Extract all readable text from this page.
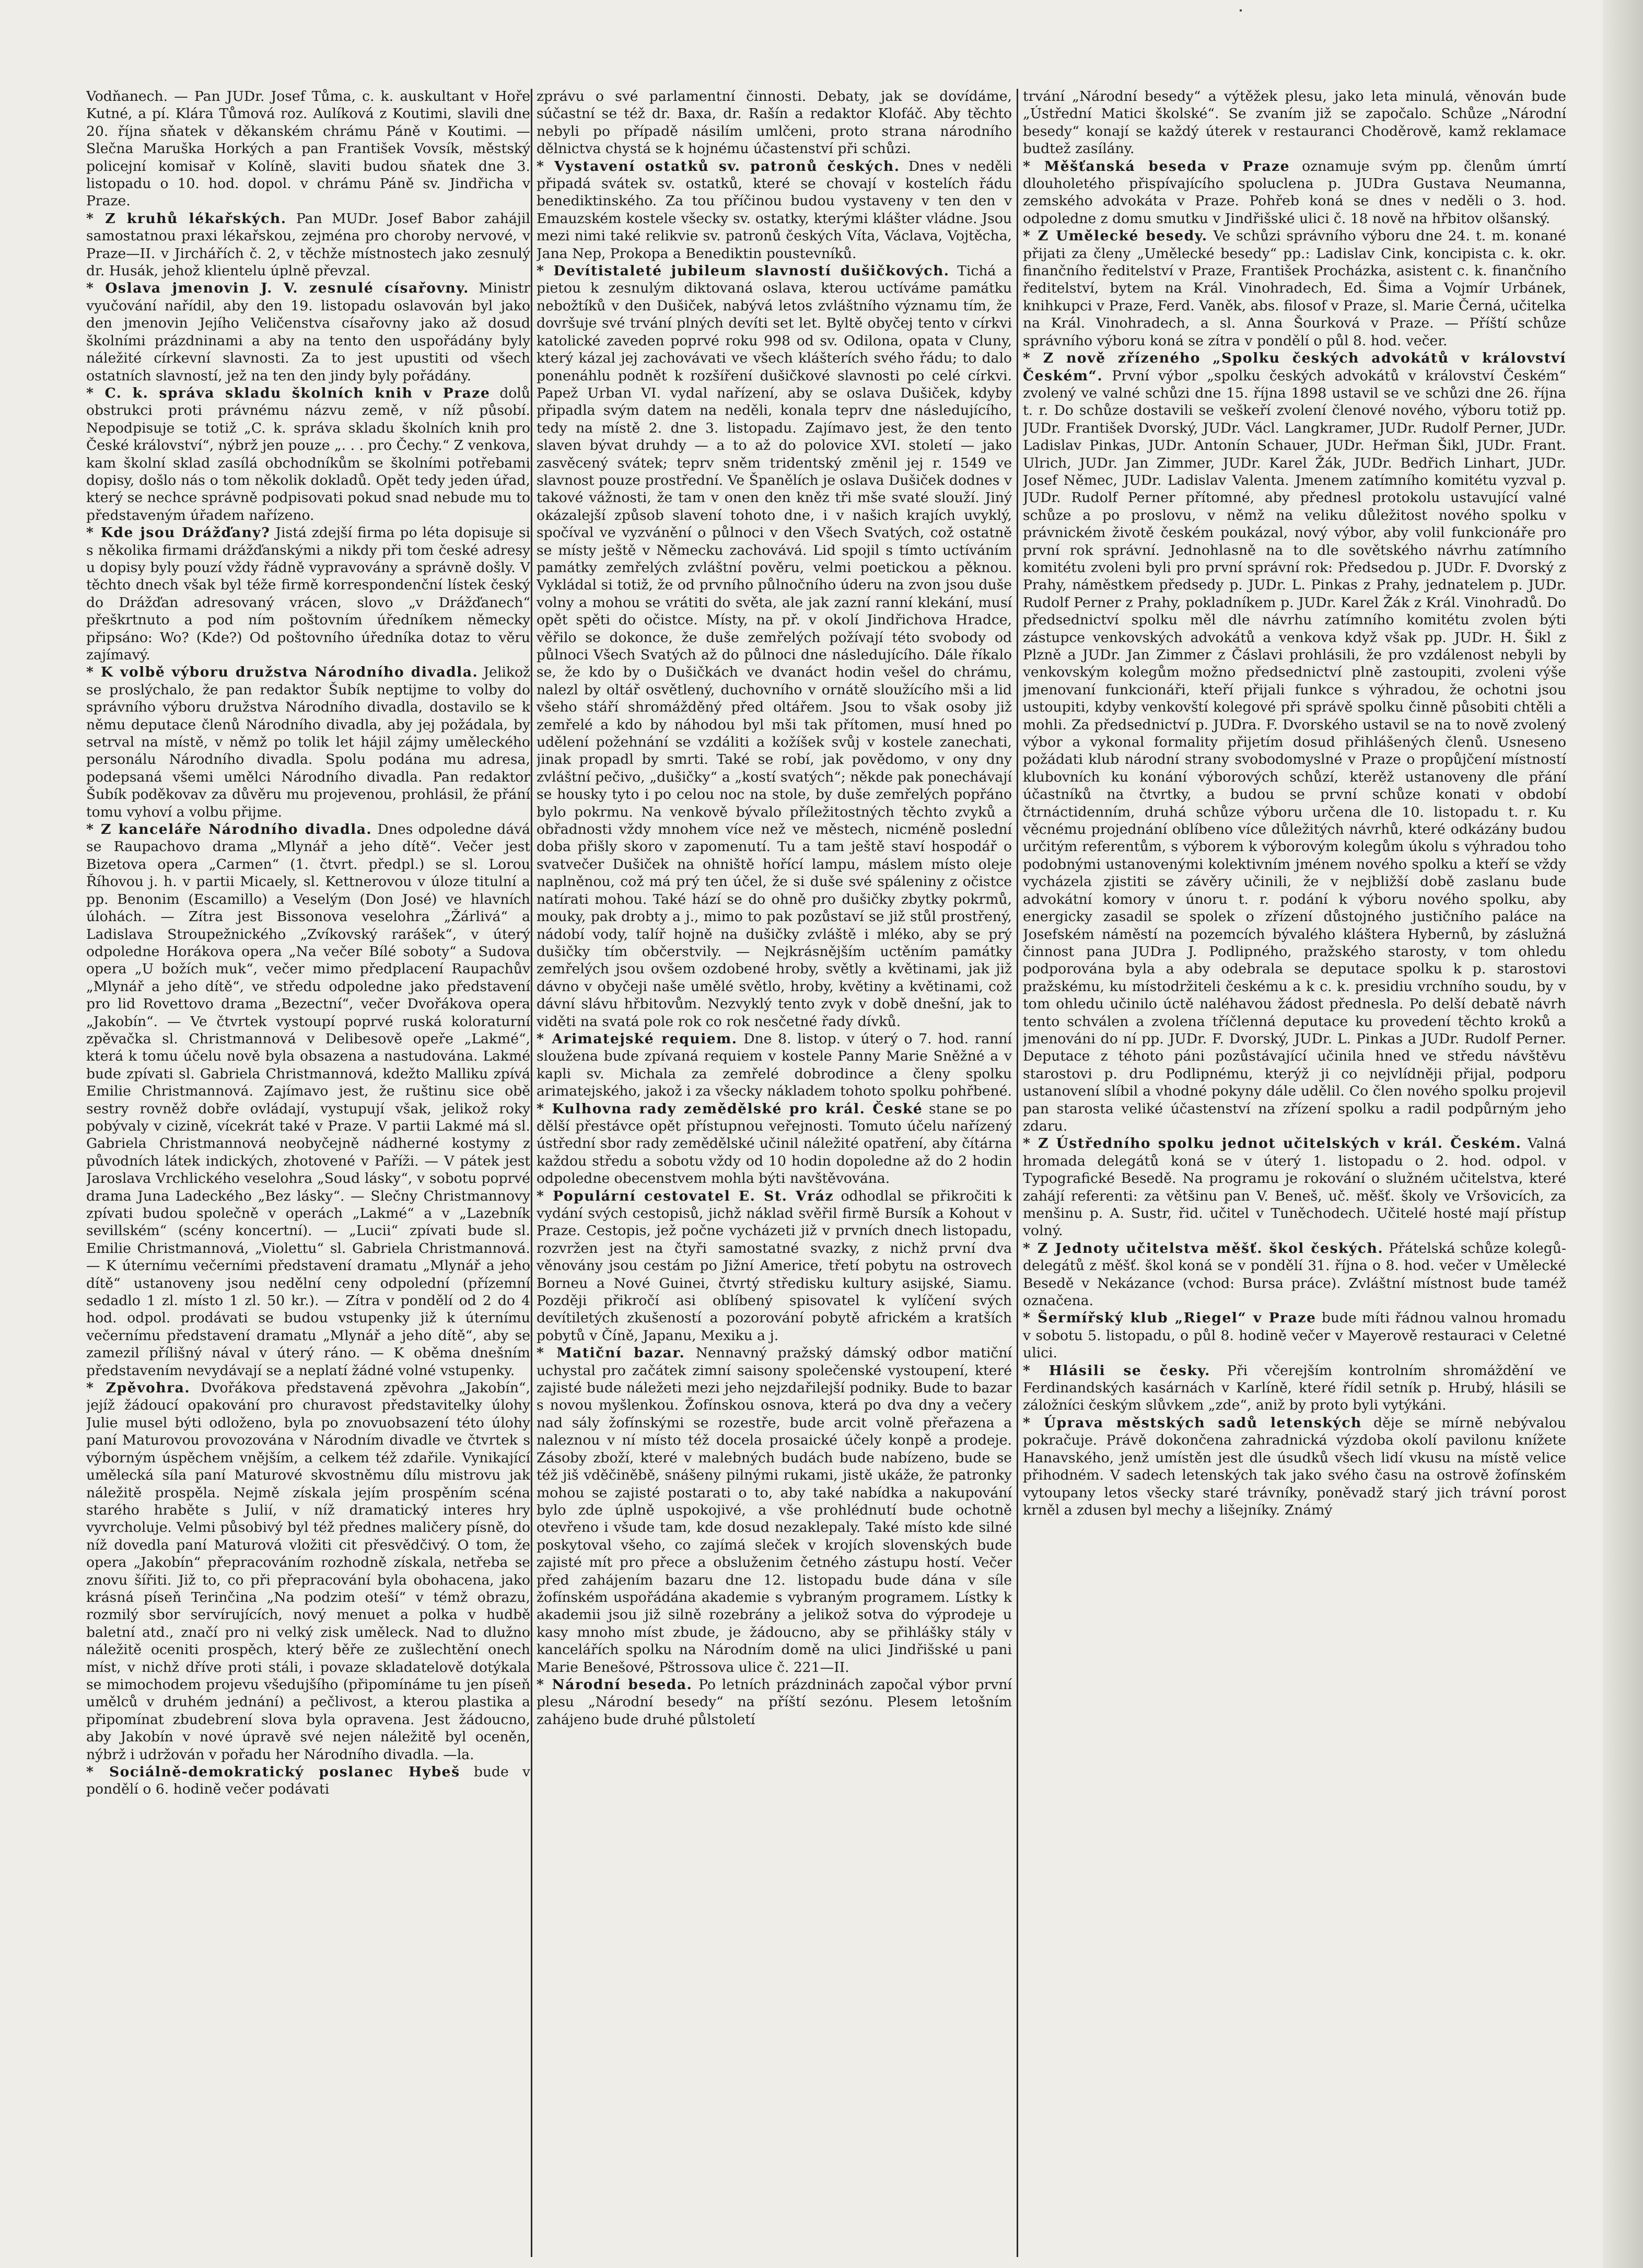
Vodňanech. — Pan JUDr. Josef Tůma, c. k. auskultant v Hoře Kutné, a pí. Klára Tůmová roz. Aulíková z Koutimi, slavili dne 20. října sňatek v děkanském chrámu Páně v Koutimi. — Slečna Maruška Horkých a pan František Vovsík, městský policejní komisař v Kolíně, slaviti budou sňatek dne 3. listopadu o 10. hod. dopol. v chrámu Páně sv. Jindřicha v Praze.

* Z kruhů lékařských. Pan MUDr. Josef Babor zahájil samostatnou praxi lékařskou, zejména pro choroby nervové, v Praze—II. v Jirchářích č. 2, v těchže místnostech jako zesnulý dr. Husák, jehož klientelu úplně převzal.

* Oslava jmenovin J. V. zesnulé císařovny. Ministr vyučování nařídil, aby den 19. listopadu oslavován byl jako den jmenovin Jejího Veličenstva císařovny jako až dosud školními prázdninami a aby na tento den uspořádány byly náležité církevní slavnosti. Za to jest upustiti od všech ostatních slavností, jež na ten den jindy byly pořádány.

* C. k. správa skladu školních knih v Praze dolů obstrukci proti právnému názvu země, v níž působí. Nepodpisuje se totiž „C. k. správa skladu školních knih pro České království“, nýbrž jen pouze „. . . pro Čechy.“ Z venkova, kam školní sklad zasílá obchodníkům se školními potřebami dopisy, došlo nás o tom několik dokladů. Opět tedy jeden úřad, který se nechce správně podpisovati pokud snad nebude mu to představeným úřadem nařízeno.

* Kde jsou Drážďany? Jistá zdejší firma po léta dopisuje si s několika firmami drážďanskými a nikdy při tom české adresy u dopisy byly pouzí vždy řádně vypravovány a správně došly. V těchto dnech však byl téže firmě korrespondenční lístek český do Drážďan adresovaný vrácen, slovo „v Drážďanech“ přeškrtnuto a pod ním poštovním úředníkem německy připsáno: Wo? (Kde?) Od poštovního úředníka dotaz to věru zajímavý.

* K volbě výboru družstva Národního divadla. Jelikož se proslýchalo, že pan redaktor Šubík neptijme to volby do správního výboru družstva Národního divadla, dostavilo se k němu deputace členů Národního divadla, aby jej požádala, by setrval na místě, v němž po tolik let hájil zájmy uměleckého personálu Národního divadla. Spolu podána mu adresa, podepsaná všemi umělci Národního divadla. Pan redaktor Šubík poděkovav za důvěru mu projevenou, prohlásil, že přání tomu vyhoví a volbu přijme.

* Z kanceláře Národního divadla. Dnes odpoledne dává se Raupachovo drama „Mlynář a jeho dítě“. Večer jest Bizetova opera „Carmen“ (1. čtvrt. předpl.) se sl. Lorou Říhovou j. h. v partii Micaely, sl. Kettnerovou v úloze titulní a pp. Benonim (Escamillo) a Veselým (Don José) ve hlavních úlohách. — Zítra jest Bissonova veselohra „Žárlivá“ a Ladislava Stroupežnického „Zvíkovský rarášek“, v úterý odpoledne Horákova opera „Na večer Bílé soboty“ a Sudova opera „U božích muk“, večer mimo předplacení Raupachův „Mlynář a jeho dítě“, ve středu odpoledne jako představení pro lid Rovettovo drama „Bezectní“, večer Dvořákova opera „Jakobín“. — Ve čtvrtek vystoupí poprvé ruská koloraturní zpěvačka sl. Christmannová v Delibesově opeře „Lakmé“, která k tomu účelu nově byla obsazena a nastudována. Lakmé bude zpívati sl. Gabriela Christmannová, kdežto Malliku zpívá Emilie Christmannová. Zajímavo jest, že ruštinu sice obě sestry rovněž dobře ovládají, vystupují však, jelikož roky pobývaly v cizině, vícekrát také v Praze. V partii Lakmé má sl. Gabriela Christmannová neobyčejně nádherné kostymy z původních látek indických, zhotovené v Paříži. — V pátek jest Jaroslava Vrchlického veselohra „Soud lásky“, v sobotu poprvé drama Juna Ladeckého „Bez lásky“. — Slečny Christmannovy zpívati budou společně v operách „Lakmé“ a v „Lazebník sevillském“ (scény koncertní). — „Lucii“ zpívati bude sl. Emilie Christmannová, „Violettu“ sl. Gabriela Christmannová. — K úternímu večerními představení dramatu „Mlynář a jeho dítě“ ustanoveny jsou nedělní ceny odpolední (přízemní sedadlo 1 zl. místo 1 zl. 50 kr.). — Zítra v pondělí od 2 do 4 hod. odpol. prodávati se budou vstupenky již k úternímu večernímu představení dramatu „Mlynář a jeho dítě“, aby se zamezil přílišný nával v úterý ráno. — K oběma dnešním představením nevydávají se a neplatí žádné volné vstupenky.

* Zpěvohra. Dvořákova představená zpěvohra „Jakobín“, jejíž žádoucí opakování pro churavost představitelky úlohy Julie musel býti odloženo, byla po znovuobsazení této úlohy paní Maturovou provozována v Národním divadle ve čtvrtek s výborným úspěchem vnějším, a celkem též zdařile. Vynikající umělecká síla paní Maturové skvostněmu dílu mistrovu jak náležitě prospěla. Nejmě získala jejím prospěním scéna starého hraběte s Julií, v níž dramatický interes hry vyvrcholuje. Velmi působivý byl též přednes maličery písně, do níž dovedla paní Maturová vložiti cit přesvědčivý. O tom, že opera „Jakobín“ přepracováním rozhodně získala, netřeba se znovu šířiti. Již to, co při přepracování byla obohacena, jako krásná píseň Terinčina „Na podzim oteší“ v témž obrazu, rozmilý sbor servírujících, nový menuet a polka v hudbě baletní atd., značí pro ni velký zisk uměleck. Nad to dlužno náležitě oceniti prospěch, který běře ze zušlechtění onech míst, v nichž dříve proti stáli, i povaze skladatelově dotýkala se mimochodem projevu všedujšího (připomínáme tu jen píseň umělců v druhém jednání) a pečlivost, a kterou plastika a připomínat zbudebrení slova byla opravena. Jest žádoucno, aby Jakobín v nové úpravě své nejen náležitě byl oceněn, nýbrž i udržován v pořadu her Národního divadla. —la.

* Sociálně-demokratický poslanec Hybeš bude v pondělí o 6. hodině večer podávati

zprávu o své parlamentní činnosti. Debaty, jak se dovídáme, súčastní se též dr. Baxa, dr. Rašín a redaktor Klofáč. Aby těchto nebyli po případě násilím umlčeni, proto strana národního dělnictva chystá se k hojnému účastenství při schůzi.

* Vystavení ostatků sv. patronů českých. Dnes v neděli připadá svátek sv. ostatků, které se chovají v kostelích řádu benediktinského. Za tou příčinou budou vystaveny v ten den v Emauzském kostele všecky sv. ostatky, kterými klášter vládne. Jsou mezi nimi také relikvie sv. patronů českých Víta, Václava, Vojtěcha, Jana Nep, Prokopa a Benediktin poustevníků.

* Devítistaleté jubileum slavností dušičkových. Tichá a pietou k zesnulým diktovaná oslava, kterou uctíváme památku nebožtíků v den Dušiček, nabývá letos zvláštního významu tím, že dovršuje své trvání plných devíti set let. Byltě obyčej tento v církvi katolické zaveden poprvé roku 998 od sv. Odilona, opata v Cluny, který kázal jej zachovávati ve všech klášterích svého řádu; to dalo ponenáhlu podnět k rozšíření dušičkové slavnosti po celé církvi. Papež Urban VI. vydal nařízení, aby se oslava Dušiček, kdyby připadla svým datem na neděli, konala teprv dne následujícího, tedy na místě 2. dne 3. listopadu. Zajímavo jest, že den tento slaven bývat druhdy — a to až do polovice XVI. století — jako zasvěcený svátek; teprv sněm tridentský změnil jej r. 1549 ve slavnost pouze prostřední. Ve Španělích je oslava Dušiček dodnes v takové vážnosti, že tam v onen den kněz tři mše svaté slouží. Jiný okázalejší způsob slavení tohoto dne, i v našich krajích uvyklý, spočíval ve vyzvánění o půlnoci v den Všech Svatých, což ostatně se místy ještě v Německu zachovává. Lid spojil s tímto uctíváním památky zemřelých zvláštní pověru, velmi poetickou a pěknou. Vykládal si totiž, že od prvního půlnočního úderu na zvon jsou duše volny a mohou se vrátiti do světa, ale jak zazní ranní klekání, musí opět spěti do očistce. Místy, na př. v okolí Jindřichova Hradce, věřilo se dokonce, že duše zemřelých požívají této svobody od půlnoci Všech Svatých až do půlnoci dne následujícího. Dále říkalo se, že kdo by o Dušičkách ve dvanáct hodin vešel do chrámu, nalezl by oltář osvětlený, duchovního v ornátě sloužícího mši a lid všeho stáří shromážděný před oltářem. Jsou to však osoby již zemřelé a kdo by náhodou byl mši tak přítomen, musí hned po udělení požehnání se vzdáliti a kožíšek svůj v kostele zanechati, jinak propadl by smrti. Také se robí, jak povědomo, v ony dny zvláštní pečivo, „dušičky“ a „kostí svatých“; někde pak ponechávají se housky tyto i po celou noc na stole, by duše zemřelých popřáno bylo pokrmu. Na venkově bývalo příležitostných těchto zvyků a obřadnosti vždy mnohem více než ve městech, nicméně poslední doba přišly skoro v zapomenutí. Tu a tam ještě staví hospodář o svatvečer Dušiček na ohniště hořící lampu, máslem místo oleje naplněnou, což má prý ten účel, že si duše své spáleniny z očistce natírati mohou. Také hází se do ohně pro dušičky zbytky pokrmů, mouky, pak drobty a j., mimo to pak pozůstaví se již stůl prostřený, nádobí vody, talíř hojně na dušičky zvláště i mléko, aby se prý dušičky tím občerstvily. — Nejkrásnějším uctěním památky zemřelých jsou ovšem ozdobené hroby, světly a květinami, jak již dávno v obyčeji naše umělé světlo, hroby, květiny a květinami, což dávní slávu hřbitovům. Nezvyklý tento zvyk v době dnešní, jak to viděti na svatá pole rok co rok nesčetné řady dívků.

* Arimatejské requiem. Dne 8. listop. v úterý o 7. hod. ranní sloužena bude zpívaná requiem v kostele Panny Marie Sněžné a v kapli sv. Michala za zemřelé dobrodince a členy spolku arimatejského, jakož i za všecky nákladem tohoto spolku pohřbené.

* Kulhovna rady zemědělské pro král. České stane se po dělší přestávce opět přístupnou veřejnosti. Tomuto účelu nařízený ústřední sbor rady zemědělské učinil náležité opatření, aby čítárna každou středu a sobotu vždy od 10 hodin dopoledne až do 2 hodin odpoledne obecenstvem mohla býti navštěvována.

* Populární cestovatel E. St. Vráz odhodlal se přikročiti k vydání svých cestopisů, jichž náklad svěřil firmě Bursík a Kohout v Praze. Cestopis, jež počne vycházeti již v prvních dnech listopadu, rozvržen jest na čtyři samostatné svazky, z nichž první dva věnovány jsou cestám po Jižní Americe, třetí pobytu na ostrovech Borneu a Nové Guinei, čtvrtý středisku kultury asijské, Siamu. Později přikročí asi oblíbený spisovatel k vylíčení svých devítiletých zkušeností a pozorování pobytě africkém a kratších pobytů v Číně, Japanu, Mexiku a j.

* Matiční bazar. Nennavný pražský dámský odbor matiční uchystal pro začátek zimní saisony společenské vystoupení, které zajisté bude náležeti mezi jeho nejzdařilejší podniky. Bude to bazar s novou myšlenkou. Žofínskou osnova, která po dva dny a večery nad sály žofínskými se rozestře, bude arcit volně přeřazena a naleznou v ní místo též docela prosaické účely konpě a prodeje. Zásoby zboží, které v malebných budách bude nabízeno, bude se též jiš vděčiněbě, snášeny pilnými rukami, jistě ukáže, že patronky mohou se zajisté postarati o to, aby také nabídka a nakupování bylo zde úplně uspokojivé, a vše prohlédnutí bude ochotně otevřeno i všude tam, kde dosud nezaklepaly. Také místo kde silné poskytoval všeho, co zajímá sleček v krojích slovenských bude zajisté mít pro přece a obsluženim četného zástupu hostí. Večer před zahájením bazaru dne 12. listopadu bude dána v síle žofínském uspořádána akademie s vybraným programem. Lístky k akademii jsou již silně rozebrány a jelikož sotva do výprodeje u kasy mnoho míst zbude, je žádoucno, aby se přihlášky stály v kancelářích spolku na Národním domě na ulici Jindřišské u pani Marie Benešové, Pštrossova ulice č. 221—II.

* Národní beseda. Po letních prázdninách započal výbor první plesu „Národní besedy“ na příští sezónu. Plesem letošním zahájeno bude druhé půlstoletí

trvání „Národní besedy“ a výtěžek plesu, jako leta minulá, věnován bude „Ústřední Matici školské“. Se zvaním již se započalo. Schůze „Národní besedy“ konají se každý úterek v restauranci Choděrově, kamž reklamace budtež zasílány.

* Měšťanská beseda v Praze oznamuje svým pp. členům úmrtí dlouholetého přispívajícího spoluclena p. JUDra Gustava Neumanna, zemského advokáta v Praze. Pohřeb koná se dnes v neděli o 3. hod. odpoledne z domu smutku v Jindřišské ulici č. 18 nově na hřbitov olšanský.

* Z Umělecké besedy. Ve schůzi správního výboru dne 24. t. m. konané přijati za členy „Umělecké besedy“ pp.: Ladislav Cink, koncipista c. k. okr. finančního ředitelství v Praze, František Procházka, asistent c. k. finančního ředitelství, bytem na Král. Vinohradech, Ed. Šima a Vojmír Urbánek, knihkupci v Praze, Ferd. Vaněk, abs. filosof v Praze, sl. Marie Černá, učitelka na Král. Vinohradech, a sl. Anna Šourková v Praze. — Příští schůze správního výboru koná se zítra v pondělí o půl 8. hod. večer.

* Z nově zřízeného „Spolku českých advokátů v království Českém“. První výbor „spolku českých advokátů v království Českém“ zvolený ve valné schůzi dne 15. října 1898 ustavil se ve schůzi dne 26. října t. r. Do schůze dostavili se veškeří zvolení členové nového, výboru totiž pp. JUDr. František Dvorský, JUDr. Václ. Langkramer, JUDr. Rudolf Perner, JUDr. Ladislav Pinkas, JUDr. Antonín Schauer, JUDr. Heřman Šikl, JUDr. Frant. Ulrich, JUDr. Jan Zimmer, JUDr. Karel Žák, JUDr. Bedřich Linhart, JUDr. Josef Němec, JUDr. Ladislav Valenta. Jmenem zatímního komitétu vyzval p. JUDr. Rudolf Perner přítomné, aby přednesl protokolu ustavující valné schůze a po proslovu, v němž na veliku důležitost nového spolku v právnickém životě českém poukázal, nový výbor, aby volil funkcionáře pro první rok správní. Jednohlasně na to dle sovětského návrhu zatímního komitétu zvoleni byli pro první správní rok: Předsedou p. JUDr. F. Dvorský z Prahy, náměstkem předsedy p. JUDr. L. Pinkas z Prahy, jednatelem p. JUDr. Rudolf Perner z Prahy, pokladníkem p. JUDr. Karel Žák z Král. Vinohradů. Do předsednictví spolku měl dle návrhu zatímního komitétu zvolen býti zástupce venkovských advokátů a venkova když však pp. JUDr. H. Šikl z Plzně a JUDr. Jan Zimmer z Čáslavi prohlásili, že pro vzdálenost nebyli by venkovským kolegům možno předsednictví plně zastoupiti, zvoleni výše jmenovaní funkcionáři, kteří přijali funkce s výhradou, že ochotni jsou ustoupiti, kdyby venkovští kolegové při správě spolku činně působiti chtěli a mohli. Za předsednictví p. JUDra. F. Dvorského ustavil se na to nově zvolený výbor a vykonal formality přijetím dosud přihlášených členů. Usneseno požádati klub národní strany svobodomyslné v Praze o propůjčení místností klubovních ku konání výborových schůzí, kterěž ustanoveny dle přání účastníků na čtvrtky, a budou se první schůze konati v období čtrnáctidenním, druhá schůze výboru určena dle 10. listopadu t. r. Ku věcnému projednání oblíbeno více důležitých návrhů, které odkázány budou určitým referentům, s výborem k výborovým kolegům úkolu s výhradou toho podobnými ustanovenými kolektivním jménem nového spolku a kteří se vždy vycházela zjistiti se závěry učinili, že v nejbližší době zaslanu bude advokátní komory v únoru t. r. podání k výboru nového spolku, aby energicky zasadil se spolek o zřízení důstojného justičního paláce na Josefském náměstí na pozemcích bývalého kláštera Hybernů, by záslužná činnost pana JUDra J. Podlipného, pražského starosty, v tom ohledu podporována byla a aby odebrala se deputace spolku k p. starostovi pražskému, ku místodržiteli českému a k c. k. presidiu vrchního soudu, by v tom ohledu učinilo úctě naléhavou žádost přednesla. Po delší debatě návrh tento schválen a zvolena tříčlenná deputace ku provedení těchto kroků a jmenováni do ní pp. JUDr. F. Dvorský, JUDr. L. Pinkas a JUDr. Rudolf Perner. Deputace z téhoto páni pozůstávající učinila hned ve středu návštěvu starostovi p. dru Podlipnému, kterýž ji co nejvlídněji přijal, podporu ustanovení slíbil a vhodné pokyny dále udělil. Co člen nového spolku projevil pan starosta veliké účastenství na zřízení spolku a radil podpůrným jeho zdaru.

* Z Ústředního spolku jednot učitelských v král. Českém. Valná hromada delegátů koná se v úterý 1. listopadu o 2. hod. odpol. v Typografické Besedě. Na programu je rokování o služném učitelstva, které zahájí referenti: za většinu pan V. Beneš, uč. měšť. školy ve Vršovicích, za menšinu p. A. Sustr, řid. učitel v Tuněchodech. Učitelé hosté mají přístup volný.

* Z Jednoty učitelstva měšť. škol českých. Přátelská schůze kolegů-delegátů z měšť. škol koná se v pondělí 31. října o 8. hod. večer v Umělecké Besedě v Nekázance (vchod: Bursa práce). Zvláštní místnost bude taméž označena.

* Šermířský klub „Riegel“ v Praze bude míti řádnou valnou hromadu v sobotu 5. listopadu, o půl 8. hodině večer v Mayerově restauraci v Celetné ulici.

* Hlásili se česky. Při včerejším kontrolním shromáždění ve Ferdinandských kasárnách v Karlíně, které řídil setník p. Hrubý, hlásili se záložníci českým slůvkem „zde“, aniž by proto byli vytýkáni.

* Úprava městských sadů letenských děje se mírně nebývalou pokračuje. Právě dokončena zahradnická výzdoba okolí pavilonu knížete Hanavského, jenž umístěn jest dle úsudků všech lidí vkusu na místě velice přihodném. V sadech letenských tak jako svého času na ostrově žofínském vytoupany letos všecky staré trávníky, poněvadž starý jich trávní porost krněl a zdusen byl mechy a lišejníky. Známý
